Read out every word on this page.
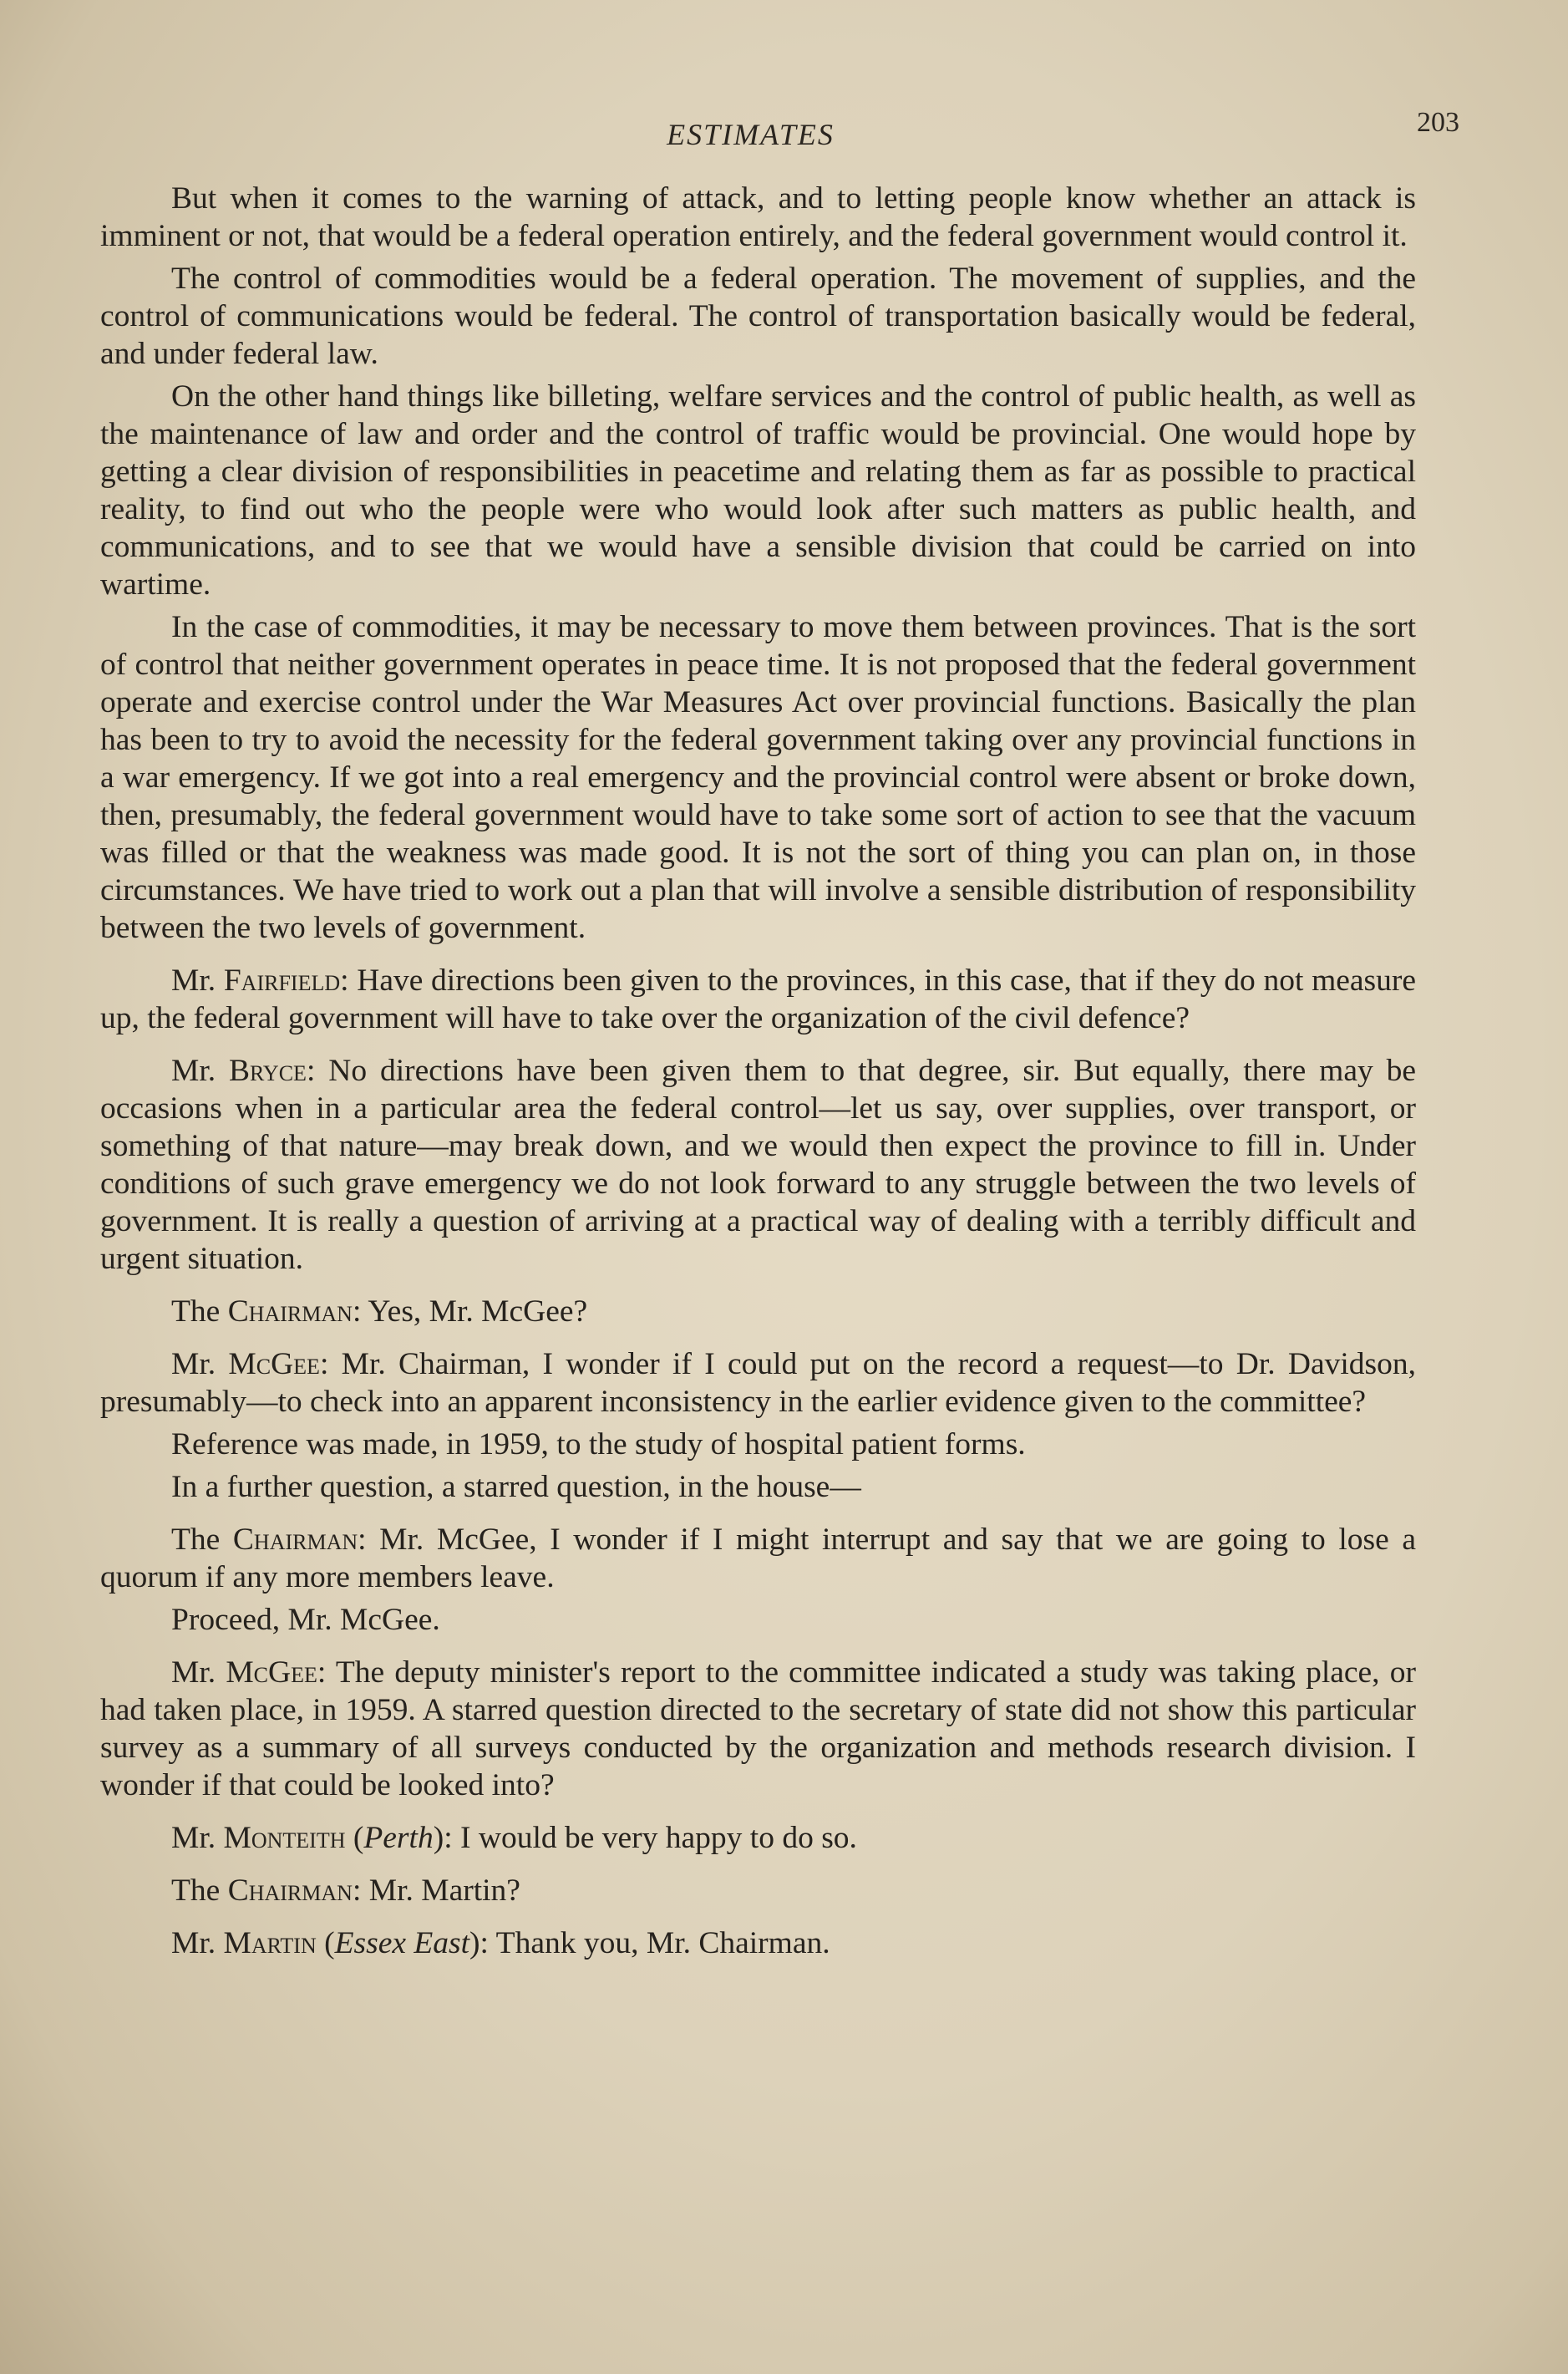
ESTIMATES	203

But when it comes to the warning of attack, and to letting people know whether an attack is imminent or not, that would be a federal operation entirely, and the federal government would control it.

The control of commodities would be a federal operation. The movement of supplies, and the control of communications would be federal. The control of transportation basically would be federal, and under federal law.

On the other hand things like billeting, welfare services and the control of public health, as well as the maintenance of law and order and the control of traffic would be provincial. One would hope by getting a clear division of responsibilities in peacetime and relating them as far as possible to practical reality, to find out who the people were who would look after such matters as public health, and communications, and to see that we would have a sensible division that could be carried on into wartime.

In the case of commodities, it may be necessary to move them between provinces. That is the sort of control that neither government operates in peace time. It is not proposed that the federal government operate and exercise control under the War Measures Act over provincial functions. Basically the plan has been to try to avoid the necessity for the federal government taking over any provincial functions in a war emergency. If we got into a real emergency and the provincial control were absent or broke down, then, presumably, the federal government would have to take some sort of action to see that the vacuum was filled or that the weakness was made good. It is not the sort of thing you can plan on, in those circumstances. We have tried to work out a plan that will involve a sensible distribution of responsibility between the two levels of government.

Mr. Fairfield: Have directions been given to the provinces, in this case, that if they do not measure up, the federal government will have to take over the organization of the civil defence?

Mr. Bryce: No directions have been given them to that degree, sir. But equally, there may be occasions when in a particular area the federal control—let us say, over supplies, over transport, or something of that nature—may break down, and we would then expect the province to fill in. Under conditions of such grave emergency we do not look forward to any struggle between the two levels of government. It is really a question of arriving at a practical way of dealing with a terribly difficult and urgent situation.

The Chairman: Yes, Mr. McGee?

Mr. McGee: Mr. Chairman, I wonder if I could put on the record a request—to Dr. Davidson, presumably—to check into an apparent inconsistency in the earlier evidence given to the committee?

Reference was made, in 1959, to the study of hospital patient forms.

In a further question, a starred question, in the house—

The Chairman: Mr. McGee, I wonder if I might interrupt and say that we are going to lose a quorum if any more members leave.

Proceed, Mr. McGee.

Mr. McGee: The deputy minister's report to the committee indicated a study was taking place, or had taken place, in 1959. A starred question directed to the secretary of state did not show this particular survey as a summary of all surveys conducted by the organization and methods research division. I wonder if that could be looked into?

Mr. Monteith (Perth): I would be very happy to do so.

The Chairman: Mr. Martin?

Mr. Martin (Essex East): Thank you, Mr. Chairman.
